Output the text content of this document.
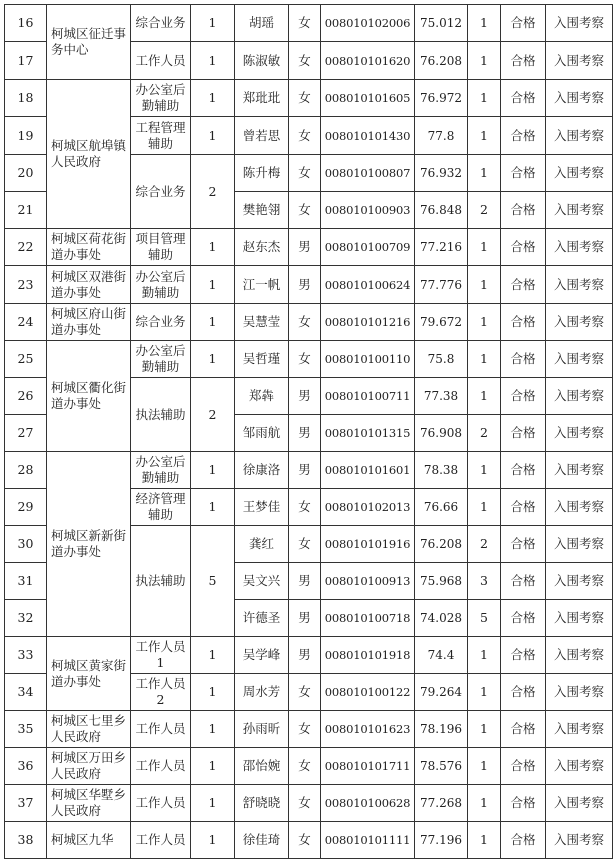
16	柯城区征迁事务中心	综合业务	1	胡瑶	女	008010102006	75.012	1	合格	入围考察
17		工作人员	1	陈淑敏	女	008010101620	76.208	1	合格	入围考察
18	柯城区航埠镇人民政府	办公室后勤辅助	1	郑玭玭	女	008010101605	76.972	1	合格	入围考察
19		工程管理辅助	1	曾若思	女	008010101430	77.8	1	合格	入围考察
20		综合业务	2	陈升梅	女	008010100807	76.932	1	合格	入围考察
21				樊艳翎	女	008010100903	76.848	2	合格	入围考察
22	柯城区荷花街道办事处	项目管理辅助	1	赵东杰	男	008010100709	77.216	1	合格	入围考察
23	柯城区双港街道办事处	办公室后勤辅助	1	江一帆	男	008010100624	77.776	1	合格	入围考察
24	柯城区府山街道办事处	综合业务	1	吴慧莹	女	008010101216	79.672	1	合格	入围考察
25	柯城区衢化街道办事处	办公室后勤辅助	1	吴哲瑾	女	008010100110	75.8	1	合格	入围考察
26		执法辅助	2	郑犇	男	008010100711	77.38	1	合格	入围考察
27				邹雨航	男	008010101315	76.908	2	合格	入围考察
28	柯城区新新街道办事处	办公室后勤辅助	1	徐康洛	男	008010101601	78.38	1	合格	入围考察
29		经济管理辅助	1	王梦佳	女	008010102013	76.66	1	合格	入围考察
30		执法辅助	5	龚红	女	008010101916	76.208	2	合格	入围考察
31				吴文兴	男	008010100913	75.968	3	合格	入围考察
32				许德圣	男	008010100718	74.028	5	合格	入围考察
33	柯城区黄家街道办事处	工作人员1	1	吴学峰	男	008010101918	74.4	1	合格	入围考察
34		工作人员2	1	周水芳	女	008010100122	79.264	1	合格	入围考察
35	柯城区七里乡人民政府	工作人员	1	孙雨昕	女	008010101623	78.196	1	合格	入围考察
36	柯城区万田乡人民政府	工作人员	1	邵怡婉	女	008010101711	78.576	1	合格	入围考察
37	柯城区华墅乡人民政府	工作人员	1	舒晓晓	女	008010100628	77.268	1	合格	入围考察
38	柯城区九华	工作人员	1	徐佳琦	女	008010101111	77.196	1	合格	入围考察
